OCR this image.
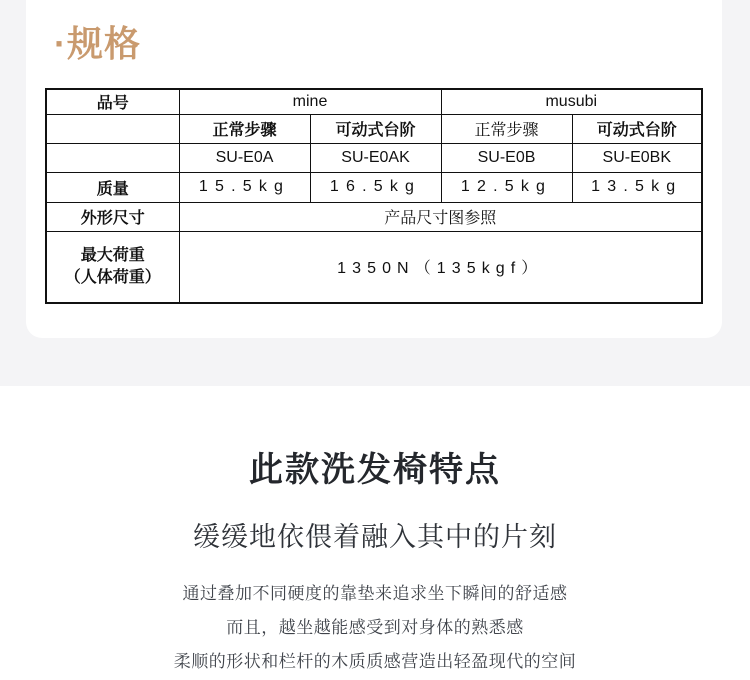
·规格
品号	mine		musubi	
	正常步骤	可动式台阶	正常步骤	可动式台阶
	SU-E0A	SU-E0AK	SU-E0B	SU-E0BK
质量	15.5kg	16.5kg	12.5kg	13.5kg
外形尺寸	产品尺寸图参照			

最大荷重
（人体荷重）	1350N（135kgf）			
此款洗发椅特点
缓缓地依偎着融入其中的片刻
通过叠加不同硬度的靠垫来追求坐下瞬间的舒适感
而且，越坐越能感受到对身体的熟悉感
柔顺的形状和栏杆的木质质感营造出轻盈现代的空间
